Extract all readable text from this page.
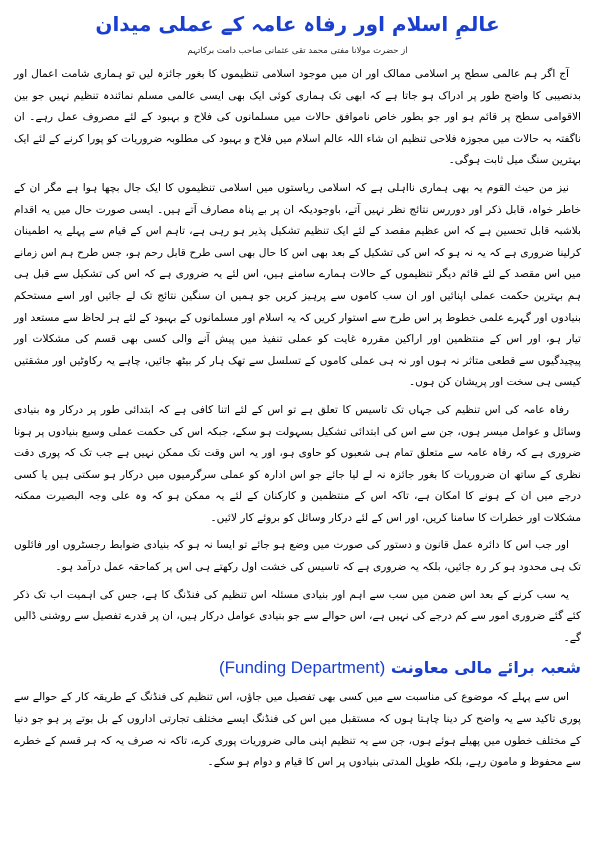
عالمِ اسلام اور رفاہ عامہ کے عملی میدان
از حضرت مولانا مفتی محمد تقی عثمانی صاحب دامت برکاتہم

آج اگر ہم عالمی سطح پر اسلامی ممالک اور ان میں موجود اسلامی تنظیموں کا بغور جائزہ لیں تو ہماری شامت اعمال اور بدنصیبی کا واضح طور پر ادراک ہو جاتا ہے کہ ابھی تک ہماری کوئی ایک بھی ایسی عالمی مسلم نمائندہ تنظیم نہیں جو بین الاقوامی سطح پر قائم ہو اور جو بطور خاص ناموافق حالات میں مسلمانوں کی فلاح و بہبود کے لئے مصروف عمل رہے۔ ان ناگفتہ بہ حالات میں مجوزہ فلاحی تنظیم ان شاء اللہ عالم اسلام میں فلاح و بہبود کی مطلوبہ ضروریات کو پورا کرنے کے لئے ایک بہترین سنگ میل ثابت ہوگی۔

نیز من حیث القوم یہ بھی ہماری نااہلی ہے کہ اسلامی ریاستوں میں اسلامی تنظیموں کا ایک جال بچھا ہوا ہے مگر ان کے خاطر خواہ، قابل ذکر اور دوررس نتائج نظر نہیں آتے، باوجودیکہ ان پر بے پناہ مصارف آتے ہیں۔ ایسی صورت حال میں یہ اقدام بلاشبہ قابل تحسین ہے کہ اس عظیم مقصد کے لئے ایک تنظیم تشکیل پذیر ہو رہی ہے، تاہم اس کے قیام سے پہلے یہ اطمینان کرلینا ضروری ہے کہ یہ نہ ہو کہ اس کی تشکیل کے بعد بھی اس کا حال بھی اسی طرح قابل رحم ہو، جس طرح ہم اس زمانے میں اس مقصد کے لئے قائم دیگر تنظیموں کے حالات ہمارے سامنے ہیں، اس لئے یہ ضروری ہے کہ اس کی تشکیل سے قبل ہی ہم بہترین حکمت عملی اپنائیں اور ان سب کاموں سے پرہیز کریں جو ہمیں ان سنگین نتائج تک لے جائیں اور اسے مستحکم بنیادوں اور گہرے علمی خطوط پر اس طرح سے استوار کریں کہ یہ اسلام اور مسلمانوں کے بہبود کے لئے ہر لحاظ سے مستعد اور تیار ہو، اور اس کے منتظمین اور اراکین مقررہ غایت کو عملی تنفیذ میں پیش آنے والی کسی بھی قسم کی مشکلات اور پیچیدگیوں سے قطعی متاثر نہ ہوں اور نہ ہی عملی کاموں کے تسلسل سے تھک ہار کر بیٹھ جائیں، چاہے یہ رکاوٹیں اور مشقتیں کیسی ہی سخت اور پریشان کن ہوں۔

رفاہ عامہ کی اس تنظیم کی جہاں تک تاسیس کا تعلق ہے تو اس کے لئے اتنا کافی ہے کہ ابتدائی طور پر درکار وہ بنیادی وسائل و عوامل میسر ہوں، جن سے اس کی ابتدائی تشکیل بسہولت ہو سکے، جبکہ اس کی حکمت عملی وسیع بنیادوں پر ہونا ضروری ہے کہ رفاہ عامہ سے متعلق تمام ہی شعبوں کو حاوی ہو، اور یہ اس وقت تک ممکن نہیں ہے جب تک کہ پوری دقت نظری کے ساتھ ان ضروریات کا بغور جائزہ نہ لے لیا جائے جو اس ادارہ کو عملی سرگرمیوں میں درکار ہو سکتی ہیں یا کسی درجے میں ان کے ہونے کا امکان ہے، تاکہ اس کے منتظمین و کارکنان کے لئے یہ ممکن ہو کہ وہ علی وجہ البصیرت ممکنہ مشکلات اور خطرات کا سامنا کریں، اور اس کے لئے درکار وسائل کو بروئے کار لائیں۔

اور جب اس کا دائرہ عمل قانون و دستور کی صورت میں وضع ہو جائے تو ایسا نہ ہو کہ بنیادی ضوابط رجسٹروں اور فائلوں تک ہی محدود ہو کر رہ جائیں، بلکہ یہ ضروری ہے کہ تاسیس کی خشت اول رکھتے ہی اس پر کماحقہ عمل درآمد ہو۔

یہ سب کرنے کے بعد اس ضمن میں سب سے اہم اور بنیادی مسئلہ اس تنظیم کی فنڈنگ کا ہے، جس کی اہمیت اب تک ذکر کئے گئے ضروری امور سے کم درجے کی نہیں ہے، اس حوالے سے جو بنیادی عوامل درکار ہیں، ان پر قدرے تفصیل سے روشنی ڈالیں گے۔

شعبہ برائے مالی معاونت (Funding Department)

اس سے پہلے کہ موضوع کی مناسبت سے میں کسی بھی تفصیل میں جاؤں، اس تنظیم کی فنڈنگ کے طریقہ کار کے حوالے سے پوری تاکید سے یہ واضح کر دینا چاہتا ہوں کہ مستقبل میں اس کی فنڈنگ ایسے مختلف تجارتی اداروں کے بل بوتے پر ہو جو دنیا کے مختلف خطوں میں پھیلے ہوئے ہوں، جن سے یہ تنظیم اپنی مالی ضروریات پوری کرے، تاکہ نہ صرف یہ کہ ہر قسم کے خطرے سے محفوظ و مامون رہے، بلکہ طویل المدتی بنیادوں پر اس کا قیام و دوام ہو سکے۔
